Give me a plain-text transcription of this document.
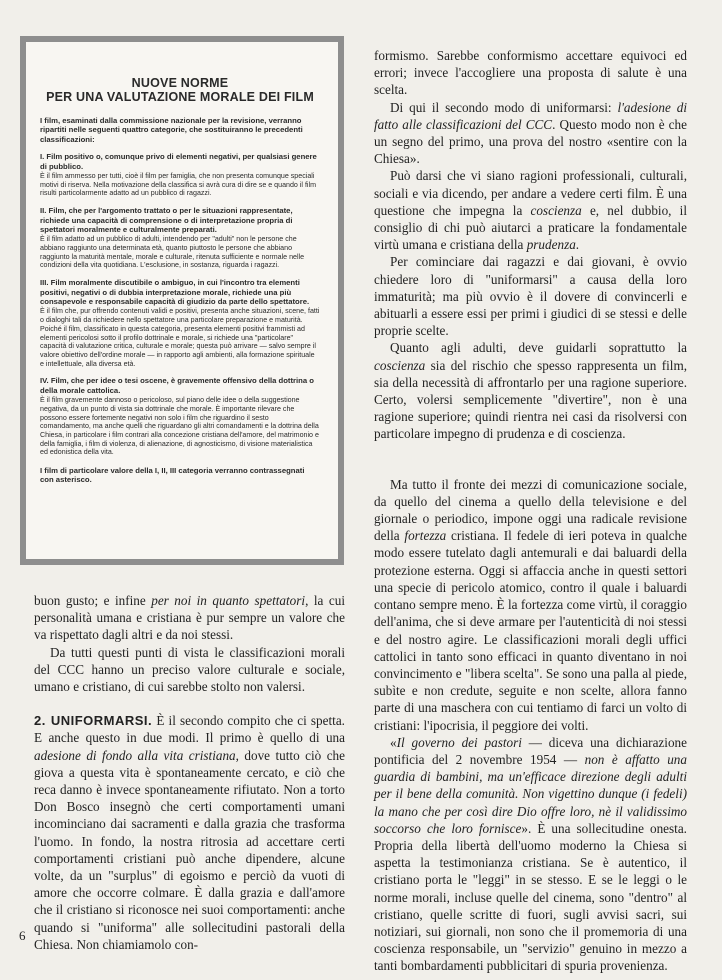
NUOVE NORME

PER UNA VALUTAZIONE MORALE DEI FILM

I film, esaminati dalla commissione nazionale per la revisione, verranno ripartiti nelle seguenti quattro categorie, che sostituiranno le precedenti classificazioni:

I. Film positivo o, comunque privo di elementi negativi, per qualsiasi genere di pubblico.

È il film ammesso per tutti, cioè il film per famiglia, che non presenta comunque speciali motivi di riserva. Nella motivazione della classifica si avrà cura di dire se e quando il film risulti particolarmente adatto ad un pubblico di ragazzi.

II. Film, che per l'argomento trattato o per le situazioni rappresentate, richiede una capacità di comprensione o di interpretazione propria di spettatori moralmente e culturalmente preparati.

È il film adatto ad un pubblico di adulti, intendendo per "adulti" non le persone che abbiano raggiunto una determinata età, quanto piuttosto le persone che abbiano raggiunto la maturità mentale, morale e culturale, ritenuta sufficiente e normale nelle condizioni della vita quotidiana. L'esclusione, in sostanza, riguarda i ragazzi.

III. Film moralmente discutibile o ambiguo, in cui l'incontro tra elementi positivi, negativi o di dubbia interpretazione morale, richiede una più consapevole e responsabile capacità di giudizio da parte dello spettatore.

È il film che, pur offrendo contenuti validi e positivi, presenta anche situazioni, scene, fatti o dialoghi tali da richiedere nello spettatore una particolare preparazione e maturità. Poiché il film, classificato in questa categoria, presenta elementi positivi frammisti ad elementi pericolosi sotto il profilo dottrinale e morale, si richiede una "particolare" capacità di valutazione critica, culturale e morale; questa può arrivare — salvo sempre il valore obiettivo dell'ordine morale — in rapporto agli ambienti, alla formazione spirituale e intellettuale, alla diversa età.

IV. Film, che per idee o tesi oscene, è gravemente offensivo della dottrina o della morale cattolica.

È il film gravemente dannoso o pericoloso, sul piano delle idee o della suggestione negativa, da un punto di vista sia dottrinale che morale. È importante rilevare che possono essere fortemente negativi non solo i film che riguardino il sesto comandamento, ma anche quelli che riguardano gli altri comandamenti e la dottrina della Chiesa, in particolare i film contrari alla concezione cristiana dell'amore, del matrimonio e della famiglia, i film di violenza, di alienazione, di agnosticismo, di visione materialistica ed edonistica della vita.

I film di particolare valore della I, II, III categoria verranno contrassegnati con asterisco.

buon gusto; e infine per noi in quanto spettatori, la cui personalità umana e cristiana è pur sempre un valore che va rispettato dagli altri e da noi stessi.

Da tutti questi punti di vista le classificazioni morali del CCC hanno un preciso valore culturale e sociale, umano e cristiano, di cui sarebbe stolto non valersi.

2. UNIFORMARSI. È il secondo compito che ci spetta. E anche questo in due modi. Il primo è quello di una adesione di fondo alla vita cristiana, dove tutto ciò che giova a questa vita è spontaneamente cercato, e ciò che reca danno è invece spontaneamente rifiutato. Non a torto Don Bosco insegnò che certi comportamenti umani incominciano dai sacramenti e dalla grazia che trasforma l'uomo. In fondo, la nostra ritrosia ad accettare certi comportamenti cristiani può anche dipendere, alcune volte, da un "surplus" di egoismo e perciò da vuoti di amore che occorre colmare. È dalla grazia e dall'amore che il cristiano si riconosce nei suoi comportamenti: anche quando si "uniforma" alle sollecitudini pastorali della Chiesa. Non chiamiamolo con-

6

formismo. Sarebbe conformismo accettare equivoci ed errori; invece l'accogliere una proposta di salute è una scelta.

Di qui il secondo modo di uniformarsi: l'adesione di fatto alle classificazioni del CCC. Questo modo non è che un segno del primo, una prova del nostro «sentire con la Chiesa».

Può darsi che vi siano ragioni professionali, culturali, sociali e via dicendo, per andare a vedere certi film. È una questione che impegna la coscienza e, nel dubbio, il consiglio di chi può aiutarci a praticare la fondamentale virtù umana e cristiana della prudenza.

Per cominciare dai ragazzi e dai giovani, è ovvio chiedere loro di "uniformarsi" a causa della loro immaturità; ma più ovvio è il dovere di convincerli e abituarli a essere essi per primi i giudici di se stessi e delle proprie scelte.

Quanto agli adulti, deve guidarli soprattutto la coscienza sia del rischio che spesso rappresenta un film, sia della necessità di affrontarlo per una ragione superiore. Certo, volersi semplicemente "divertire", non è una ragione superiore; quindi rientra nei casi da risolversi con particolare impegno di prudenza e di coscienza.

Ma tutto il fronte dei mezzi di comunicazione sociale, da quello del cinema a quello della televisione e del giornale o periodico, impone oggi una radicale revisione della fortezza cristiana. Il fedele di ieri poteva in qualche modo essere tutelato dagli antemurali e dai baluardi della protezione esterna. Oggi si affaccia anche in questi settori una specie di pericolo atomico, contro il quale i baluardi contano sempre meno. È la fortezza come virtù, il coraggio dell'anima, che si deve armare per l'autenticità di noi stessi e del nostro agire. Le classificazioni morali degli uffici cattolici in tanto sono efficaci in quanto diventano in noi convincimento e "libera scelta". Se sono una palla al piede, subìte e non credute, seguite e non scelte, allora fanno parte di una maschera con cui tentiamo di farci un volto di cristiani: l'ipocrisia, il peggiore dei volti.

«Il governo dei pastori — diceva una dichiarazione pontificia del 2 novembre 1954 — non è affatto una guardia di bambini, ma un'efficace direzione degli adulti per il bene della comunità. Non vigettino dunque (i fedeli) la mano che per così dire Dio offre loro, nè il validissimo soccorso che loro fornisce». È una sollecitudine onesta. Propria della libertà dell'uomo moderno la Chiesa si aspetta la testimonianza cristiana. Se è autentico, il cristiano porta le "leggi" in se stesso. E se le leggi o le norme morali, incluse quelle del cinema, sono "dentro" al cristiano, quelle scritte di fuori, sugli avvisi sacri, sui notiziari, sui giornali, non sono che il promemoria di una coscienza responsabile, un "servizio" genuino in mezzo a tanti bombardamenti pubblicitari di spuria provenienza.
